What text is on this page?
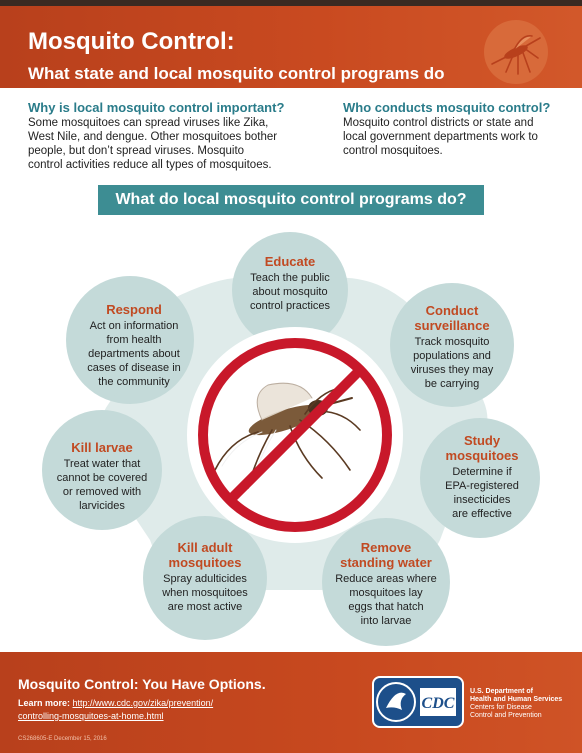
Mosquito Control:
What state and local mosquito control programs do
Why is local mosquito control important?
Some mosquitoes can spread viruses like Zika,
West Nile, and dengue. Other mosquitoes bother
people, but don’t spread viruses. Mosquito
control activities reduce all types of mosquitoes.
Who conducts mosquito control?
Mosquito control districts or state and
local government departments work to
control mosquitoes.
What do local mosquito control programs do?
Educate
Teach the public
about mosquito
control practices	Conduct
surveillance
Track mosquito
populations and
viruses they may
be carrying
Study
mosquitoes
Determine if
EPA-registered
insecticides
are effective
Remove
standing water
Reduce areas where
mosquitoes lay
eggs that hatch
into larvae
Kill adult
mosquitoes
Spray adulticides
when mosquitoes
are most active
Kill larvae
Treat water that
cannot be covered
or removed with
larvicides
Respond
Act on information
from health
departments about
cases of disease in
the community
Mosquito Control: You Have Options.
Learn more: http://www.cdc.gov/zika/prevention/
controlling-mosquitoes-at-home.html
CS268605-E December 15, 2016
CDC
U.S. Department of
Health and Human Services
Centers for Disease
Control and Prevention
